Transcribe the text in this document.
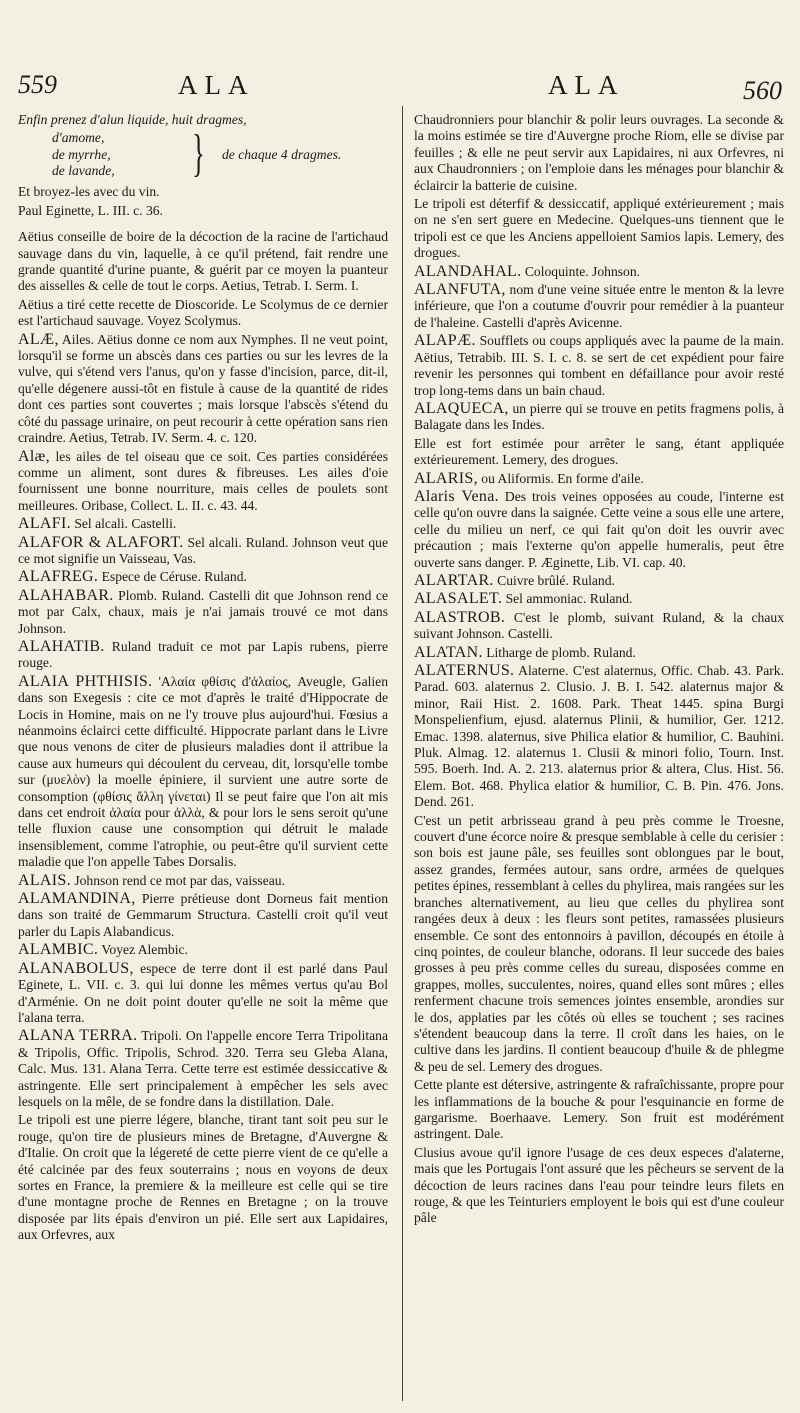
559	ALA	ALA	560
Enfin prenez d'alun liquide, huit dragmes,
d'amome,
de myrrhe,
de lavande, } de chaque 4 dragmes.
Et broyez-les avec du vin.
Paul Eginette, L. III. c. 36.
Aëtius conseille de boire de la décoction de la racine de l'artichaud sauvage dans du vin, laquelle, à ce qu'il prétend, fait rendre une grande quantité d'urine puante, & guérit par ce moyen la puanteur des aisselles & celle de tout le corps. Aetius, Tetrab. I. Serm. I.
Aëtius a tiré cette recette de Dioscoride. Le Scolymus de ce dernier est l'artichaud sauvage. Voyez Scolymus.
ALÆ, Ailes. Aëtius donne ce nom aux Nymphes. Il ne veut point, lorsqu'il se forme un abscès dans ces parties ou sur les levres de la vulve, qui s'étend vers l'anus, qu'on y fasse d'incision, parce, dit-il, qu'elle dégenere aussi-tôt en fistule à cause de la quantité de rides dont ces parties sont couvertes ; mais lorsque l'abscès s'étend du côté du passage urinaire, on peut recourir à cette opération sans rien craindre. Aetius, Tetrab. IV. Serm. 4. c. 120.
Alæ, les ailes de tel oiseau que ce soit. Ces parties considérées comme un aliment, sont dures & fibreuses. Les ailes d'oie fournissent une bonne nourriture, mais celles de poulets sont meilleures. Oribase, Collect. L. II. c. 43. 44.
ALAFI. Sel alcali. Castelli.
ALAFOR & ALAFORT. Sel alcali. Ruland. Johnson veut que ce mot signifie un Vaisseau, Vas.
ALAFREG. Espece de Céruse. Ruland.
ALAHABAR. Plomb. Ruland. Castelli dit que Johnson rend ce mot par Calx, chaux, mais je n'ai jamais trouvé ce mot dans Johnson.
ALAHATIB. Ruland traduit ce mot par Lapis rubens, pierre rouge.
ALAIA PHTHISIS. 'Αλαία φθίσις d'ἀλαίος, Aveugle, Galien dans son Exegesis : cite ce mot d'après le traité d'Hippocrate de Locis in Homine, mais on ne l'y trouve plus aujourd'hui. Fœsius a néanmoins éclairci cette difficulté. Hippocrate parlant dans le Livre que nous venons de citer de plusieurs maladies dont il attribue la cause aux humeurs qui découlent du cerveau, dit, lorsqu'elle tombe sur (μυελὸν) la moelle épiniere, il survient une autre sorte de consomption (φθίσις ἄλλη γίνεται) Il se peut faire que l'on ait mis dans cet endroit ἀλαία pour ἀλλὰ, & pour lors le sens seroit qu'une telle fluxion cause une consomption qui détruit le malade insensiblement, comme l'atrophie, ou peut-être qu'il survient cette maladie que l'on appelle Tabes Dorsalis.
ALAIS. Johnson rend ce mot par das, vaisseau.
ALAMANDINA, Pierre prétieuse dont Dorneus fait mention dans son traité de Gemmarum Structura. Castelli croit qu'il veut parler du Lapis Alabandicus.
ALAMBIC. Voyez Alembic.
ALANABOLUS, espece de terre dont il est parlé dans Paul Eginete, L. VII. c. 3. qui lui donne les mêmes vertus qu'au Bol d'Arménie. On ne doit point douter qu'elle ne soit la même que l'alana terra.
ALANA TERRA. Tripoli. On l'appelle encore Terra Tripolitana & Tripolis, Offic. Tripolis, Schrod. 320. Terra seu Gleba Alana, Calc. Mus. 131. Alana Terra. Cette terre est estimée dessiccative & astringente. Elle sert principalement à empêcher les sels avec lesquels on la mêle, de se fondre dans la distillation. Dale.
Le tripoli est une pierre légere, blanche, tirant tant soit peu sur le rouge, qu'on tire de plusieurs mines de Bretagne, d'Auvergne & d'Italie. On croit que la légereté de cette pierre vient de ce qu'elle a été calcinée par des feux souterrains ; nous en voyons de deux sortes en France, la premiere & la meilleure est celle qui se tire d'une montagne proche de Rennes en Bretagne ; on la trouve disposée par lits épais d'environ un pié. Elle sert aux Lapidaires, aux Orfevres, aux
Chaudronniers pour blanchir & polir leurs ouvrages. La seconde & la moins estimée se tire d'Auvergne proche Riom, elle se divise par feuilles ; & elle ne peut servir aux Lapidaires, ni aux Orfevres, ni aux Chaudronniers ; on l'emploie dans les ménages pour blanchir & éclaircir la batterie de cuisine.
Le tripoli est déterfif & dessiccatif, appliqué extérieurement ; mais on ne s'en sert guere en Medecine. Quelques-uns tiennent que le tripoli est ce que les Anciens appelloient Samios lapis. Lemery, des drogues.
ALANDAHAL. Coloquinte. Johnson.
ALANFUTA, nom d'une veine située entre le menton & la levre inférieure, que l'on a coutume d'ouvrir pour remédier à la puanteur de l'haleine. Castelli d'après Avicenne.
ALAPÆ. Soufflets ou coups appliqués avec la paume de la main. Aëtius, Tetrabib. III. S. I. c. 8. se sert de cet expédient pour faire revenir les personnes qui tombent en défaillance pour avoir resté trop long-tems dans un bain chaud.
ALAQUECA, un pierre qui se trouve en petits fragmens polis, à Balagate dans les Indes.
Elle est fort estimée pour arrêter le sang, étant appliquée extérieurement. Lemery, des drogues.
ALARIS, ou Aliformis. En forme d'aile.
Alaris Vena. Des trois veines opposées au coude, l'interne est celle qu'on ouvre dans la saignée. Cette veine a sous elle une artere, celle du milieu un nerf, ce qui fait qu'on doit les ouvrir avec précaution ; mais l'externe qu'on appelle humeralis, peut être ouverte sans danger. P. Æginette, Lib. VI. cap. 40.
ALARTAR. Cuivre brûlé. Ruland.
ALASALET. Sel ammoniac. Ruland.
ALASTROB. C'est le plomb, suivant Ruland, & la chaux suivant Johnson. Castelli.
ALATAN. Litharge de plomb. Ruland.
ALATERNUS. Alaterne. C'est alaternus, Offic. Chab. 43. Park. Parad. 603. alaternus 2. Clusio. J. B. I. 542. alaternus major & minor, Raii Hist. 2. 1608. Park. Theat 1445. spina Burgi Monspelienfium, ejusd. alaternus Plinii, & humilior, Ger. 1212. Emac. 1398. alaternus, sive Philica elatior & humilior, C. Bauhini. Pluk. Almag. 12. alaternus 1. Clusii & minori folio, Tourn. Inst. 595. Boerh. Ind. A. 2. 213. alaternus prior & altera, Clus. Hist. 56. Elem. Bot. 468. Phylica elatior & humilior, C. B. Pin. 476. Jons. Dend. 261.
C'est un petit arbrisseau grand à peu près comme le Troesne, couvert d'une écorce noire & presque semblable à celle du cerisier : son bois est jaune pâle, ses feuilles sont oblongues par le bout, assez grandes, fermées autour, sans ordre, armées de quelques petites épines, ressemblant à celles du phylirea, mais rangées sur les branches alternativement, au lieu que celles du phylirea sont rangées deux à deux : les fleurs sont petites, ramassées plusieurs ensemble. Ce sont des entonnoirs à pavillon, découpés en étoile à cinq pointes, de couleur blanche, odorans. Il leur succede des baies grosses à peu près comme celles du sureau, disposées comme en grappes, molles, succulentes, noires, quand elles sont mûres ; elles renferment chacune trois semences jointes ensemble, arondies sur le dos, applaties par les côtés où elles se touchent ; ses racines s'étendent beaucoup dans la terre. Il croît dans les haies, on le cultive dans les jardins. Il contient beaucoup d'huile & de phlegme & peu de sel. Lemery des drogues.
Cette plante est détersive, astringente & rafraîchissante, propre pour les inflammations de la bouche & pour l'esquinancie en forme de gargarisme. Boerhaave. Lemery. Son fruit est modérément astringent. Dale.
Clusius avoue qu'il ignore l'usage de ces deux especes d'alaterne, mais que les Portugais l'ont assuré que les pêcheurs se servent de la décoction de leurs racines dans l'eau pour teindre leurs filets en rouge, & que les Teinturiers employent le bois qui est d'une couleur pâle
